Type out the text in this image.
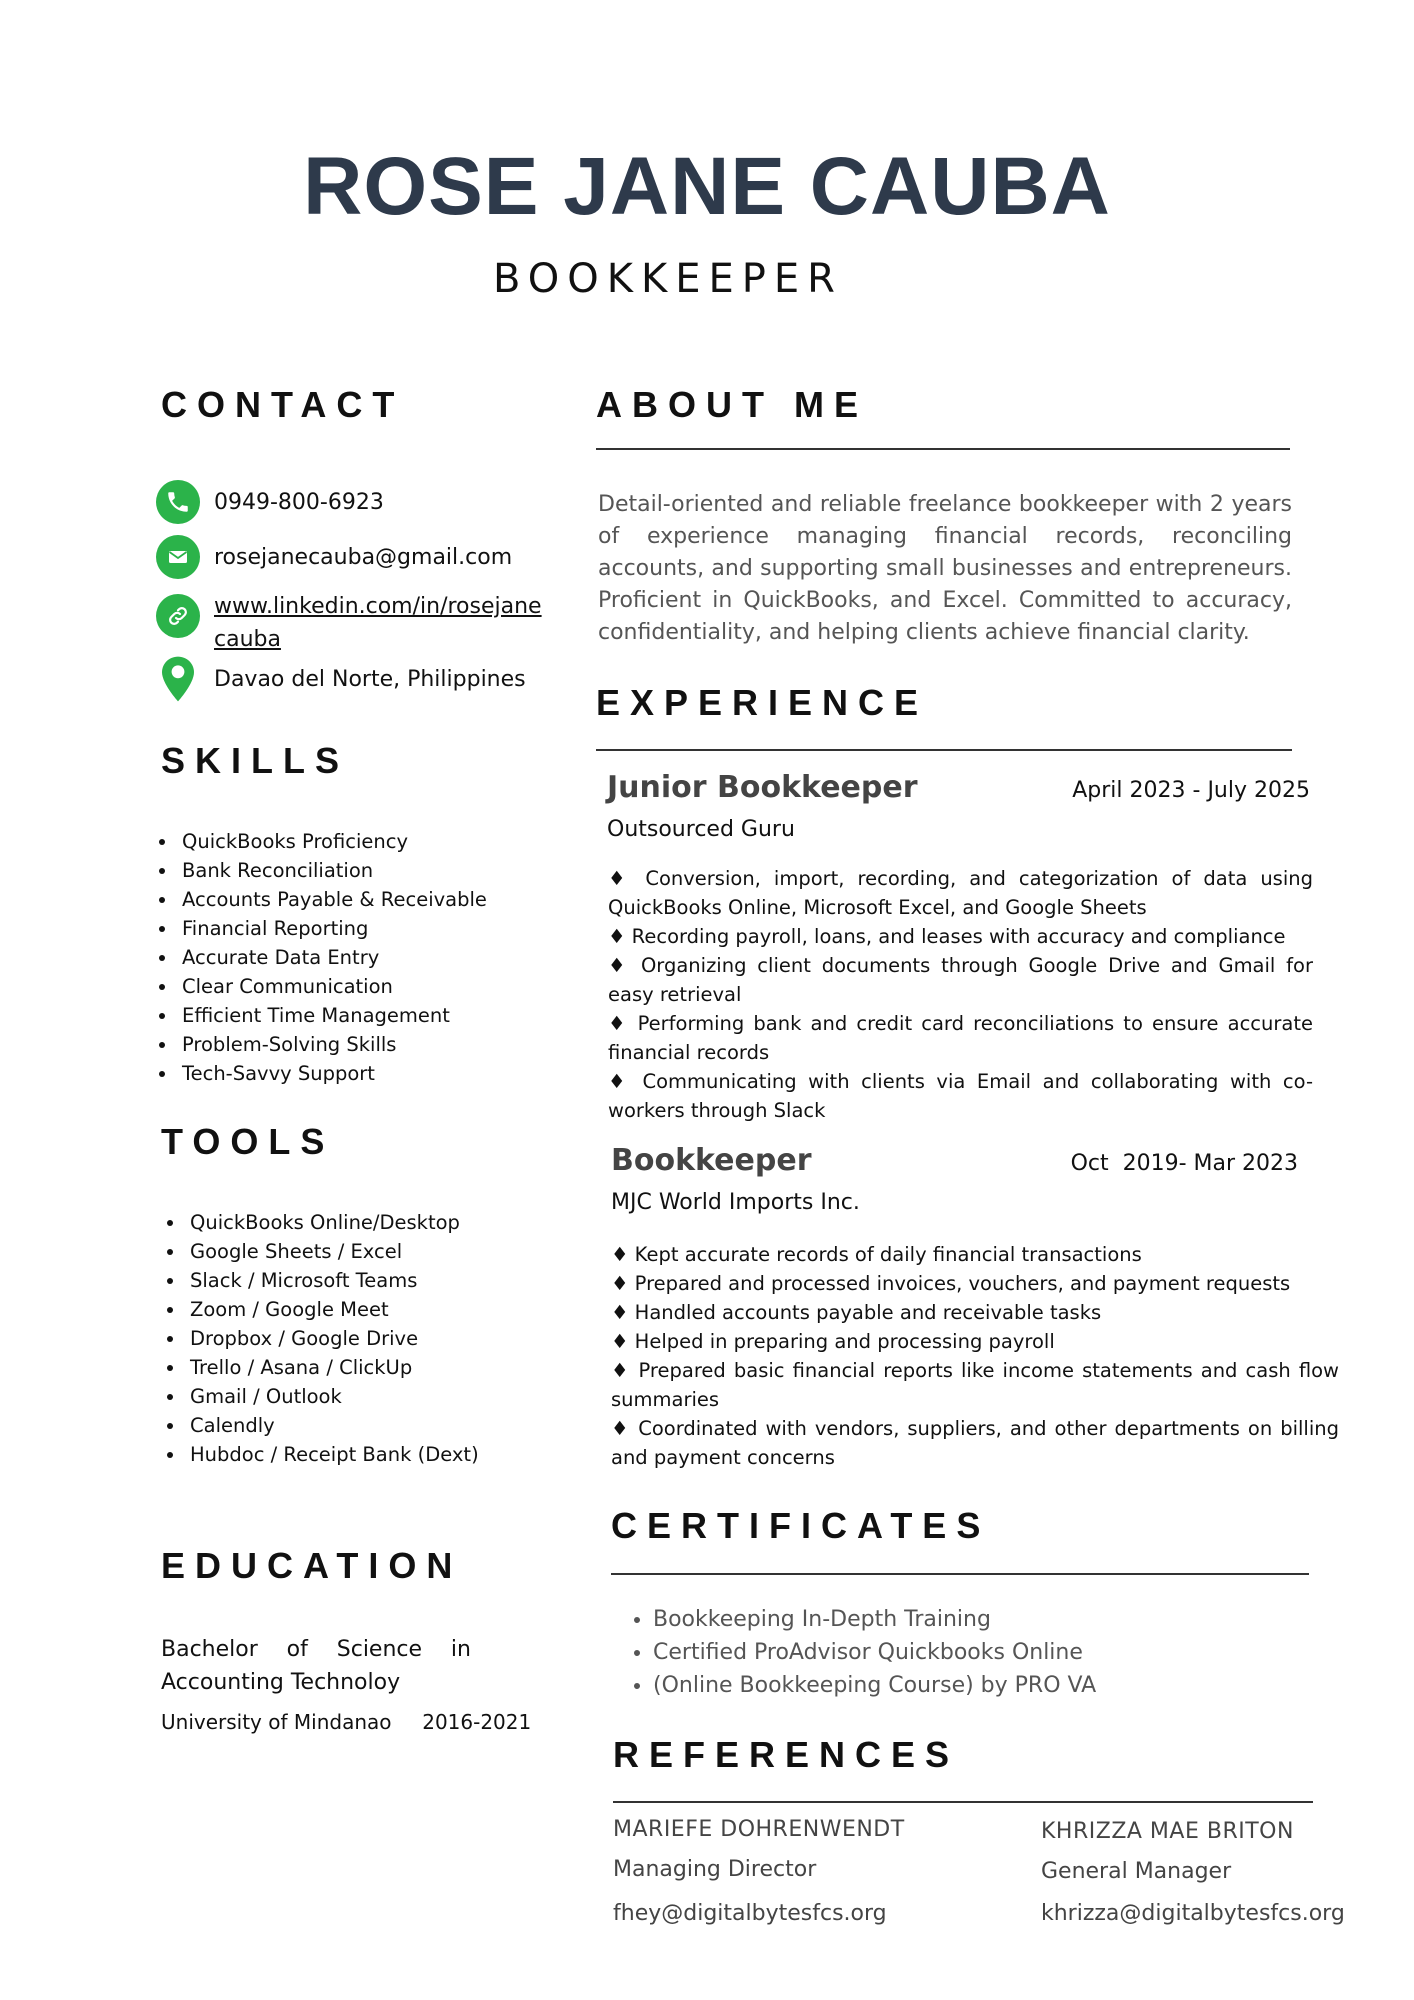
ROSE JANE CAUBA
BOOKKEEPER
CONTACT
0949-800-6923
rosejanecauba@gmail.com
www.linkedin.com/in/rosejane
cauba
Davao del Norte, Philippines
SKILLS
• QuickBooks Proficiency
• Bank Reconciliation
• Accounts Payable & Receivable
• Financial Reporting
• Accurate Data Entry
• Clear Communication
• Efficient Time Management
• Problem-Solving Skills
• Tech-Savvy Support
TOOLS
• QuickBooks Online/Desktop
• Google Sheets / Excel
• Slack / Microsoft Teams
• Zoom / Google Meet
• Dropbox / Google Drive
• Trello / Asana / ClickUp
• Gmail / Outlook
• Calendly
• Hubdoc / Receipt Bank (Dext)
EDUCATION
Bachelor of Science in Accounting Technoloy
University of Mindanao 2016-2021
ABOUT ME

Detail-oriented and reliable freelance bookkeeper with 2 years of experience managing financial records, reconciling accounts, and supporting small businesses and entrepreneurs. Proficient in QuickBooks, and Excel. Committed to accuracy, confidentiality, and helping clients achieve financial clarity.

EXPERIENCE
Junior Bookkeeper	April 2023 - July 2025
Outsourced Guru

♦ Conversion, import, recording, and categorization of data using QuickBooks Online, Microsoft Excel, and Google Sheets

♦ Recording payroll, loans, and leases with accuracy and compliance

♦ Organizing client documents through Google Drive and Gmail for easy retrieval

♦ Performing bank and credit card reconciliations to ensure accurate financial records

♦ Communicating with clients via Email and collaborating with co-workers through Slack

Bookkeeper	Oct  2019- Mar 2023
MJC World Imports Inc.

♦ Kept accurate records of daily financial transactions

♦ Prepared and processed invoices, vouchers, and payment requests

♦ Handled accounts payable and receivable tasks

♦ Helped in preparing and processing payroll

♦ Prepared basic financial reports like income statements and cash flow summaries

♦ Coordinated with vendors, suppliers, and other departments on billing and payment concerns

CERTIFICATES
• Bookkeeping In-Depth Training
• Certified ProAdvisor Quickbooks Online
• (Online Bookkeeping Course) by PRO VA
REFERENCES
MARIEFE DOHRENWENDT
Managing Director
fhey@digitalbytesfcs.org
KHRIZZA MAE BRITON
General Manager
khrizza@digitalbytesfcs.org
